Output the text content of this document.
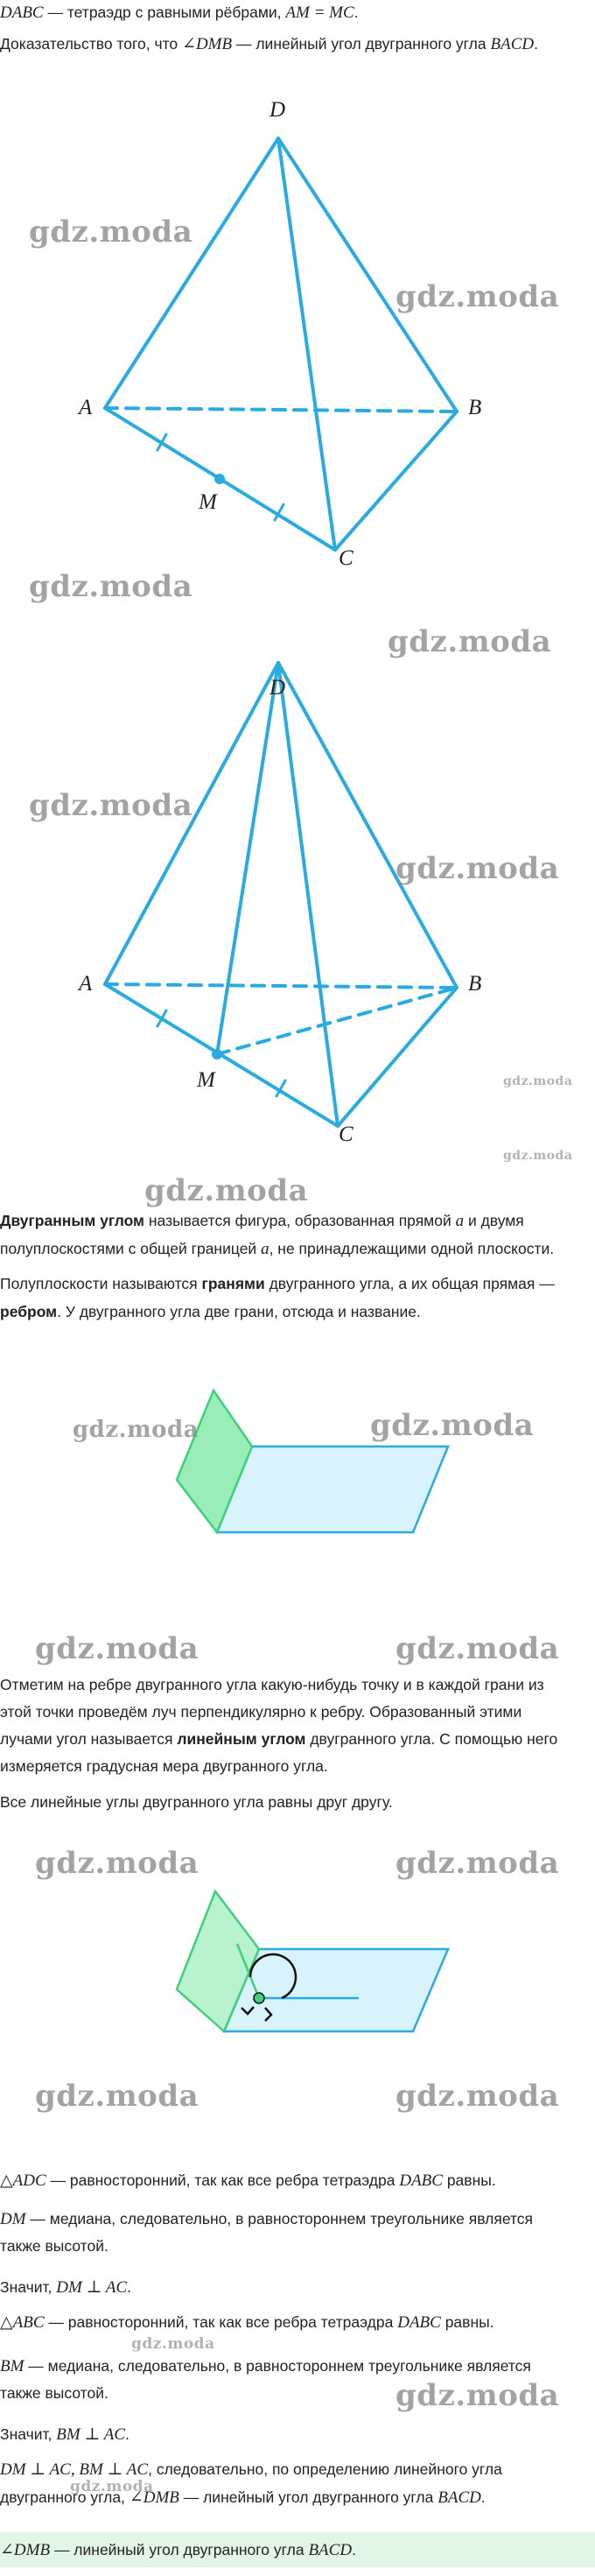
DABC — тетраэдр с равными рёбрами, AM = MC.

Доказательство того, что ∠DMB — линейный угол двугранного угла BACD.

gdz.moda
gdz.moda
gdz.moda
D
A	B
C
M
gdz.moda
gdz.moda
gdz.moda
gdz.moda
gdz.moda
gdz.moda
D
A	B
C
M

Двугранным углом называется фигура, образованная прямой a и двумя

полуплоскостями с общей границей a, не принадлежащими одной плоскости.

Полуплоскости называются гранями двугранного угла, а их общая прямая —

ребром. У двугранного угла две грани, отсюда и название.

gdz.moda	gdz.moda
gdz.moda	gdz.moda

Отметим на ребре двугранного угла какую-нибудь точку и в каждой грани из

этой точки проведём луч перпендикулярно к ребру. Образованный этими

лучами угол называется линейным углом двугранного угла. С помощью него

измеряется градусная мера двугранного угла.

Все линейные углы двугранного угла равны друг другу.

gdz.moda	gdz.moda
gdz.moda	gdz.moda

△ADC — равносторонний, так как все ребра тетраэдра DABC равны.

DM — медиана, следовательно, в равностороннем треугольнике является

также высотой.

Значит, DM ⊥ AC.

△ABC — равносторонний, так как все ребра тетраэдра DABC равны.

gdz.moda

BM — медиана, следовательно, в равностороннем треугольнике является

также высотой.	gdz.moda

Значит, BM ⊥ AC.

DM ⊥ AC, BM ⊥ AC, следовательно, по определению линейного угла

gdz.moda

двугранного угла, ∠DMB — линейный угол двугранного угла BACD.

∠DMB — линейный угол двугранного угла BACD.
